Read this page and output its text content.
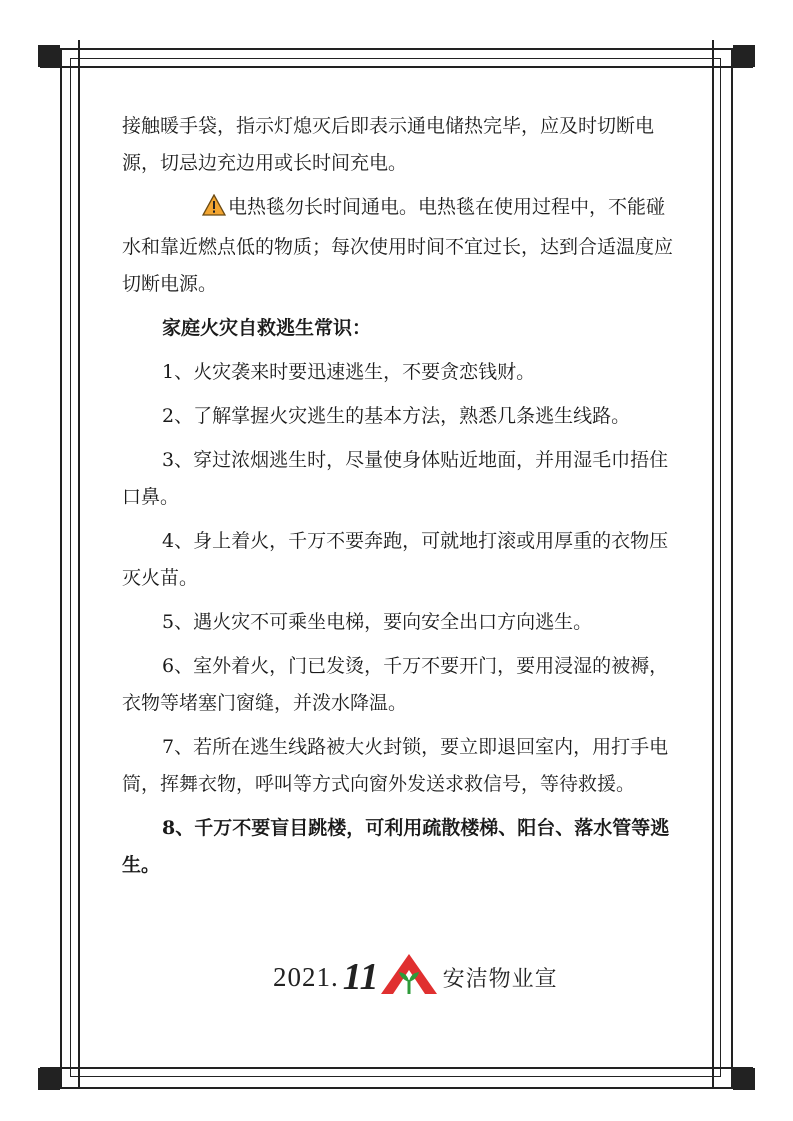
接触暖手袋，指示灯熄灭后即表示通电储热完毕，应及时切断电源，切忌边充边用或长时间充电。

电热毯勿长时间通电。电热毯在使用过程中，不能碰水和靠近燃点低的物质；每次使用时间不宜过长，达到合适温度应切断电源。

家庭火灾自救逃生常识：

1、火灾袭来时要迅速逃生，不要贪恋钱财。

2、了解掌握火灾逃生的基本方法，熟悉几条逃生线路。

3、穿过浓烟逃生时，尽量使身体贴近地面，并用湿毛巾捂住口鼻。

4、身上着火，千万不要奔跑，可就地打滚或用厚重的衣物压灭火苗。

5、遇火灾不可乘坐电梯，要向安全出口方向逃生。

6、室外着火，门已发烫，千万不要开门，要用浸湿的被褥，衣物等堵塞门窗缝，并泼水降温。

7、若所在逃生线路被大火封锁，要立即退回室内，用打手电筒，挥舞衣物，呼叫等方式向窗外发送求救信号，等待救援。

8、千万不要盲目跳楼，可利用疏散楼梯、阳台、落水管等逃生。

2021. 11	安洁物业宣
